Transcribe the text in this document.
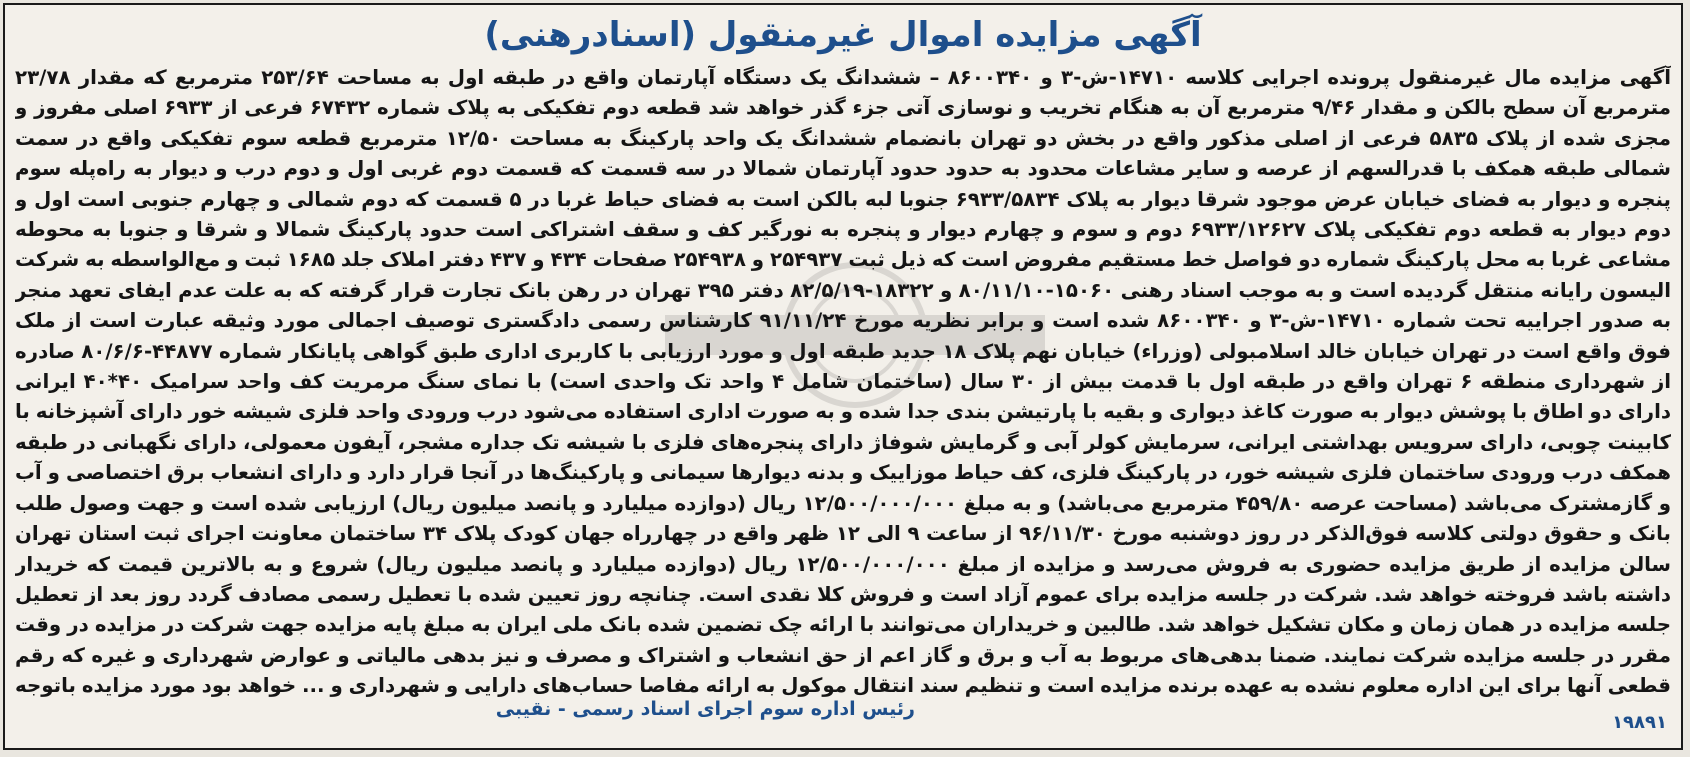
آگهی مزایده اموال غیرمنقول (اسنادرهنی)
آگهی مزایده مال غیرمنقول پرونده اجرایی کلاسه ۱۴۷۱۰-ش-۳ و ۸۶۰۰۳۴۰ – ششدانگ یک دستگاه آپارتمان واقع در طبقه اول به مساحت ۲۵۳/۶۴ مترمربع که مقدار ۲۳/۷۸ مترمربع آن سطح بالکن و مقدار ۹/۴۶ مترمربع آن به هنگام تخریب و نوسازی آتی جزء گذر خواهد شد قطعه دوم تفکیکی به پلاک شماره ۶۷۴۳۲ فرعی از ۶۹۳۳ اصلی مفروز و مجزی شده از پلاک ۵۸۳۵ فرعی از اصلی مذکور واقع در بخش دو تهران بانضمام ششدانگ یک واحد پارکینگ به مساحت ۱۲/۵۰ مترمربع قطعه سوم تفکیکی واقع در سمت شمالی طبقه همکف با قدرالسهم از عرصه و سایر مشاعات محدود به حدود حدود آپارتمان شمالا در سه قسمت که قسمت دوم غربی اول و دوم درب و دیوار به راه‌پله سوم پنجره و دیوار به فضای خیابان عرض موجود شرقا دیوار به پلاک ۶۹۳۳/۵۸۳۴ جنوبا لبه بالکن است به فضای حیاط غربا در ۵ قسمت که دوم شمالی و چهارم جنوبی است اول و دوم دیوار به قطعه دوم تفکیکی پلاک ۶۹۳۳/۱۲۶۲۷ دوم و سوم و چهارم دیوار و پنجره به نورگیر کف و سقف اشتراکی است حدود پارکینگ شمالا و شرقا و جنوبا به محوطه مشاعی غربا به محل پارکینگ شماره دو فواصل خط مستقیم مفروض است که ذیل ثبت ۲۵۴۹۳۷ و ۲۵۴۹۳۸ صفحات ۴۳۴ و ۴۳۷ دفتر املاک جلد ۱۶۸۵ ثبت و مع‌الواسطه به شرکت الیسون رایانه منتقل گردیده است و به موجب اسناد رهنی ۱۵۰۶۰-۸۰/۱۱/۱۰ و ۱۸۳۲۲-۸۲/۵/۱۹ دفتر ۳۹۵ تهران در رهن بانک تجارت قرار گرفته که به علت عدم ایفای تعهد منجر به صدور اجراییه تحت شماره ۱۴۷۱۰-ش-۳ و ۸۶۰۰۳۴۰ شده است و برابر نظریه مورخ ۹۱/۱۱/۲۴ کارشناس رسمی دادگستری توصیف اجمالی مورد وثیقه عبارت است از ملک فوق واقع است در تهران خیابان خالد اسلامبولی (وزراء) خیابان نهم پلاک ۱۸ جدید طبقه اول و مورد ارزیابی با کاربری اداری طبق گواهی پایانکار شماره ۴۴۸۷۷-۸۰/۶/۶ صادره از شهرداری منطقه ۶ تهران واقع در طبقه اول با قدمت بیش از ۳۰ سال (ساختمان شامل ۴ واحد تک واحدی است) با نمای سنگ مرمریت کف واحد سرامیک ۴۰*۴۰ ایرانی دارای دو اطاق با پوشش دیوار به صورت کاغذ دیواری و بقیه با پارتیشن بندی جدا شده و به صورت اداری استفاده می‌شود درب ورودی واحد فلزی شیشه خور دارای آشپزخانه با کابینت چوبی، دارای سرویس بهداشتی ایرانی، سرمایش کولر آبی و گرمایش شوفاژ دارای پنجره‌های فلزی با شیشه تک جداره مشجر، آیفون معمولی، دارای نگهبانی در طبقه همکف درب ورودی ساختمان فلزی شیشه خور، در پارکینگ فلزی، کف حیاط موزاییک و بدنه دیوارها سیمانی و پارکینگ‌ها در آنجا قرار دارد و دارای انشعاب برق اختصاصی و آب و گازمشترک می‌باشد (مساحت عرصه ۴۵۹/۸۰ مترمربع می‌باشد) و به مبلغ ۱۲/۵۰۰/۰۰۰/۰۰۰ ریال (دوازده میلیارد و پانصد میلیون ریال) ارزیابی شده است و جهت وصول طلب بانک و حقوق دولتی کلاسه فوق‌الذکر در روز دوشنبه مورخ ۹۶/۱۱/۳۰ از ساعت ۹ الی ۱۲ ظهر واقع در چهارراه جهان کودک پلاک ۳۴ ساختمان معاونت اجرای ثبت استان تهران سالن مزایده از طریق مزایده حضوری به فروش می‌رسد و مزایده از مبلغ ۱۲/۵۰۰/۰۰۰/۰۰۰ ریال (دوازده میلیارد و پانصد میلیون ریال) شروع و به بالاترین قیمت که خریدار داشته باشد فروخته خواهد شد. شرکت در جلسه مزایده برای عموم آزاد است و فروش کلا نقدی است. چنانچه روز تعیین شده با تعطیل رسمی مصادف گردد روز بعد از تعطیل جلسه مزایده در همان زمان و مکان تشکیل خواهد شد. طالبین و خریداران می‌توانند با ارائه چک تضمین شده بانک ملی ایران به مبلغ پایه مزایده جهت شرکت در مزایده در وقت مقرر در جلسه مزایده شرکت نمایند. ضمنا بدهی‌های مربوط به آب و برق و گاز اعم از حق انشعاب و اشتراک و مصرف و نیز بدهی مالیاتی و عوارض شهرداری و غیره که رقم قطعی آنها برای این اداره معلوم نشده به عهده برنده مزایده است و تنظیم سند انتقال موکول به ارائه مفاصا حساب‌های دارایی و شهرداری و ... خواهد بود مورد مزایده باتوجه
رئیس اداره سوم اجرای اسناد رسمی - نقیبی
۱۹۸۹۱
